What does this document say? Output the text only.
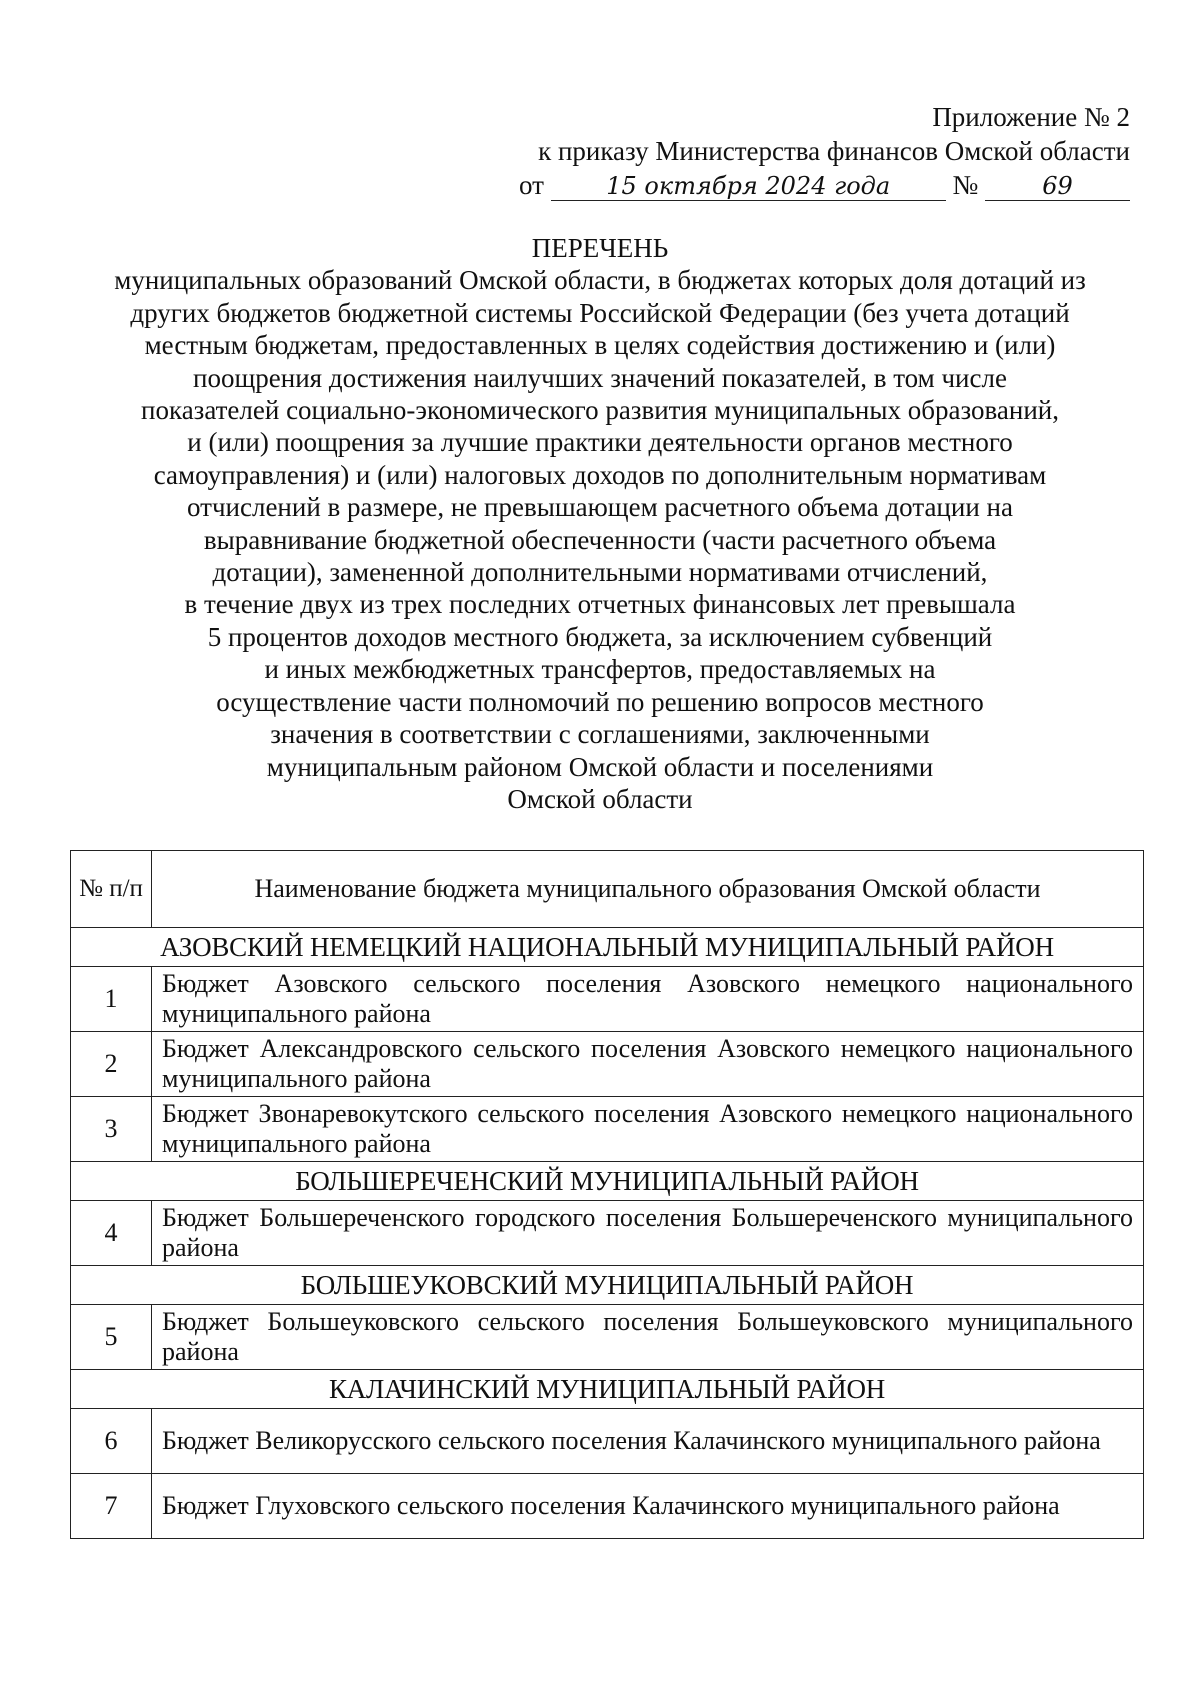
Приложение № 2
к приказу Министерства финансов Омской области
от	15 октября 2024 года №	69
ПЕРЕЧЕНЬ
муниципальных образований Омской области, в бюджетах которых доля дотаций из
других бюджетов бюджетной системы Российской Федерации (без учета дотаций
местным бюджетам, предоставленных в целях содействия достижению и (или)
поощрения достижения наилучших значений показателей, в том числе
показателей социально-экономического развития муниципальных образований,
и (или) поощрения за лучшие практики деятельности органов местного
самоуправления) и (или) налоговых доходов по дополнительным нормативам
отчислений в размере, не превышающем расчетного объема дотации на
выравнивание бюджетной обеспеченности (части расчетного объема
дотации), замененной дополнительными нормативами отчислений,
в течение двух из трех последних отчетных финансовых лет превышала
5 процентов доходов местного бюджета, за исключением субвенций
и иных межбюджетных трансфертов, предоставляемых на
осуществление части полномочий по решению вопросов местного
значения в соответствии с соглашениями, заключенными
муниципальным районом Омской области и поселениями
Омской области
№ п/п	Наименование бюджета муниципального образования Омской области
АЗОВСКИЙ НЕМЕЦКИЙ НАЦИОНАЛЬНЫЙ МУНИЦИПАЛЬНЫЙ РАЙОН	
1	Бюджет Азовского сельского поселения Азовского немецкого национального муниципального района
2	Бюджет Александровского сельского поселения Азовского немецкого национального муниципального района
3	Бюджет Звонаревокутского сельского поселения Азовского немецкого национального муниципального района
БОЛЬШЕРЕЧЕНСКИЙ МУНИЦИПАЛЬНЫЙ РАЙОН	
4	Бюджет Большереченского городского поселения Большереченского муниципального района
БОЛЬШЕУКОВСКИЙ МУНИЦИПАЛЬНЫЙ РАЙОН	
5	Бюджет Большеуковского сельского поселения Большеуковского муниципального района
КАЛАЧИНСКИЙ МУНИЦИПАЛЬНЫЙ РАЙОН	
6	Бюджет Великорусского сельского поселения Калачинского муниципального района
7	Бюджет Глуховского сельского поселения Калачинского муниципального района
